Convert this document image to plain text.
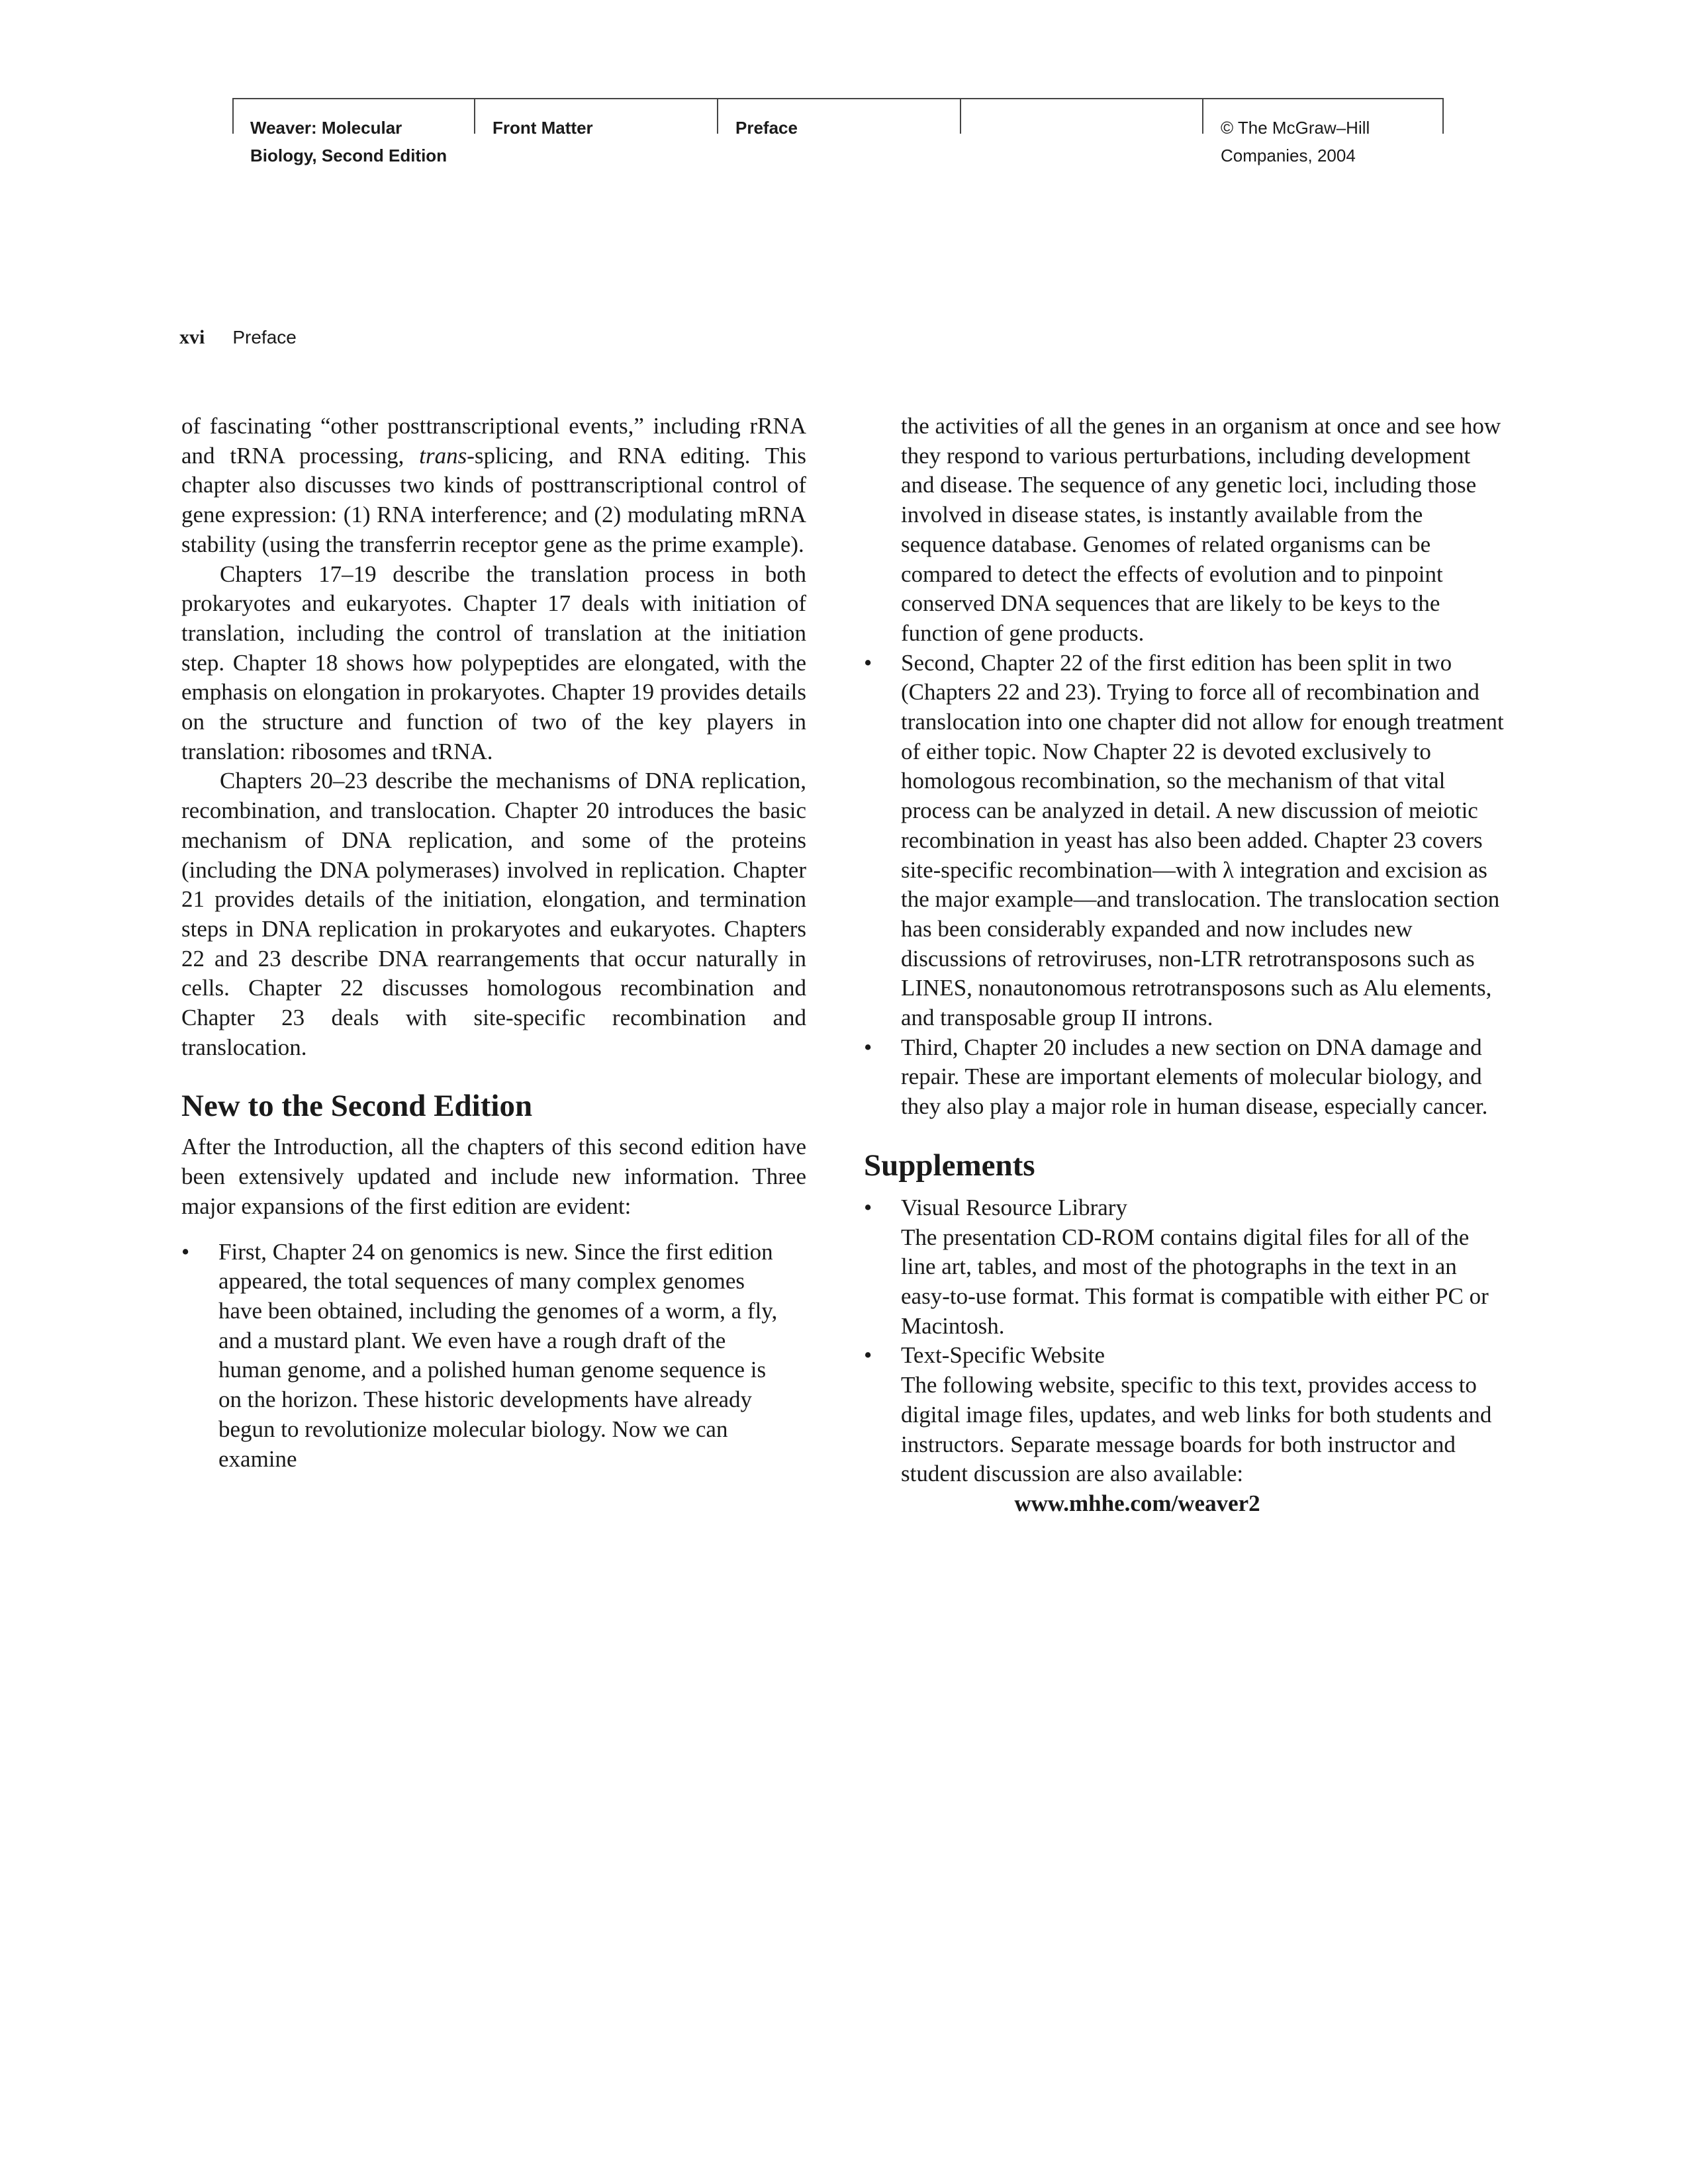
Weaver: Molecular
Biology, Second Edition
Front Matter	Preface	© The McGraw–Hill
Companies, 2004
xvi Preface

of fascinating “other posttranscriptional events,” including rRNA and tRNA processing, trans-splicing, and RNA editing. This chapter also discusses two kinds of posttranscriptional control of gene expression: (1) RNA interference; and (2) modulating mRNA stability (using the transferrin receptor gene as the prime example).

Chapters 17–19 describe the translation process in both prokaryotes and eukaryotes. Chapter 17 deals with initiation of translation, including the control of translation at the initiation step. Chapter 18 shows how polypeptides are elongated, with the emphasis on elongation in prokaryotes. Chapter 19 provides details on the structure and function of two of the key players in translation: ribosomes and tRNA.

Chapters 20–23 describe the mechanisms of DNA replication, recombination, and translocation. Chapter 20 introduces the basic mechanism of DNA replication, and some of the proteins (including the DNA polymerases) involved in replication. Chapter 21 provides details of the initiation, elongation, and termination steps in DNA replication in prokaryotes and eukaryotes. Chapters 22 and 23 describe DNA rearrangements that occur naturally in cells. Chapter 22 discusses homologous recombination and Chapter 23 deals with site-specific recombination and translocation.

New to the Second Edition

After the Introduction, all the chapters of this second edition have been extensively updated and include new information. Three major expansions of the first edition are evident:

• First, Chapter 24 on genomics is new. Since the first edition appeared, the total sequences of many complex genomes have been obtained, including the genomes of a worm, a fly, and a mustard plant. We even have a rough draft of the human genome, and a polished human genome sequence is on the horizon. These historic developments have already begun to revolutionize molecular biology. Now we can examine

the activities of all the genes in an organism at once and see how they respond to various perturbations, including development and disease. The sequence of any genetic loci, including those involved in disease states, is instantly available from the sequence database. Genomes of related organisms can be compared to detect the effects of evolution and to pinpoint conserved DNA sequences that are likely to be keys to the function of gene products.

• Second, Chapter 22 of the first edition has been split in two (Chapters 22 and 23). Trying to force all of recombination and translocation into one chapter did not allow for enough treatment of either topic. Now Chapter 22 is devoted exclusively to homologous recombination, so the mechanism of that vital process can be analyzed in detail. A new discussion of meiotic recombination in yeast has also been added. Chapter 23 covers site-specific recombination—with λ integration and excision as the major example—and translocation. The translocation section has been considerably expanded and now includes new discussions of retroviruses, non-LTR retrotransposons such as LINES, nonautonomous retrotransposons such as Alu elements, and transposable group II introns.
• Third, Chapter 20 includes a new section on DNA damage and repair. These are important elements of molecular biology, and they also play a major role in human disease, especially cancer.
Supplements
• Visual Resource Library
The presentation CD-ROM contains digital files for all of the line art, tables, and most of the photographs in the text in an easy-to-use format. This format is compatible with either PC or Macintosh.
• Text-Specific Website
The following website, specific to this text, provides access to digital image files, updates, and web links for both students and instructors. Separate message boards for both instructor and student discussion are also available:
www.mhhe.com/weaver2
